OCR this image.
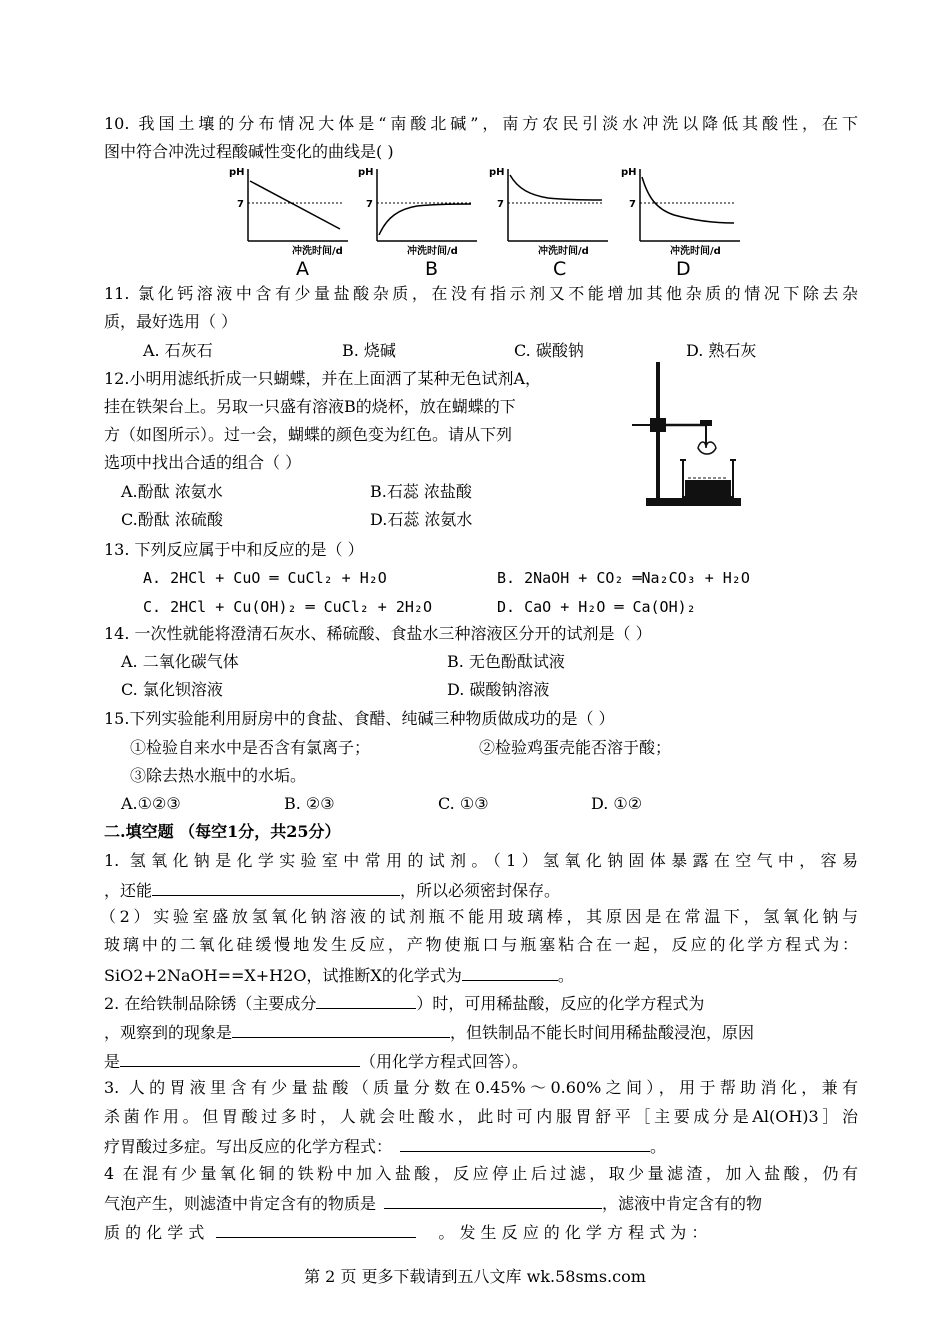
10. 我国土壤的分布情况大体是“南酸北碱”，南方农民引淡水冲洗以降低其酸性，在下
图中符合冲洗过程酸碱性变化的曲线是( )
pH
7
冲洗时间/d
A
pH
7
冲洗时间/d
B
pH
7
冲洗时间/d
C
pH
7
冲洗时间/d
D
11. 氯化钙溶液中含有少量盐酸杂质，在没有指示剂又不能增加其他杂质的情况下除去杂
质，最好选用（ ）
A. 石灰石	B. 烧碱	C. 碳酸钠	D. 熟石灰
12.小明用滤纸折成一只蝴蝶，并在上面洒了某种无色试剂A，
挂在铁架台上。另取一只盛有溶液B的烧杯，放在蝴蝶的下
方（如图所示）。过一会，蝴蝶的颜色变为红色。请从下列
选项中找出合适的组合（ ）
A.酚酞 浓氨水	B.石蕊 浓盐酸
C.酚酞 浓硫酸	D.石蕊 浓氨水
13. 下列反应属于中和反应的是（ ）
A. 2HCl + CuO ═ CuCl₂ + H₂O	B. 2NaOH + CO₂ ═Na₂CO₃ + H₂O
C. 2HCl + Cu(OH)₂ ═ CuCl₂ + 2H₂O	D. CaO + H₂O ═ Ca(OH)₂
14. 一次性就能将澄清石灰水、稀硫酸、食盐水三种溶液区分开的试剂是（ ）
A. 二氧化碳气体	B. 无色酚酞试液
C. 氯化钡溶液	D. 碳酸钠溶液
15.下列实验能利用厨房中的食盐、食醋、纯碱三种物质做成功的是（ ）
①检验自来水中是否含有氯离子；	②检验鸡蛋壳能否溶于酸；
③除去热水瓶中的水垢。
A.①②③	B. ②③	C. ①③	D. ①②
二.填空题 （每空1分，共25分）
1. 氢氧化钠是化学实验室中常用的试剂。（1）氢氧化钠固体暴露在空气中，容易
，还能	，所以必须密封保存。
（2）实验室盛放氢氧化钠溶液的试剂瓶不能用玻璃棒，其原因是在常温下，氢氧化钠与
玻璃中的二氧化硅缓慢地发生反应，产物使瓶口与瓶塞粘合在一起，反应的化学方程式为：
SiO2+2NaOH==X+H2O，试推断X的化学式为	。
2. 在给铁制品除锈（主要成分	）时，可用稀盐酸，反应的化学方程式为
，观察到的现象是	，但铁制品不能长时间用稀盐酸浸泡，原因
是	（用化学方程式回答）。
3. 人的胃液里含有少量盐酸（质量分数在0.45%～0.60%之间），用于帮助消化，兼有
杀菌作用。但胃酸过多时，人就会吐酸水，此时可内服胃舒平［主要成分是Al(OH)3］治
疗胃酸过多症。写出反应的化学方程式：	。
4 在混有少量氧化铜的铁粉中加入盐酸，反应停止后过滤，取少量滤渣，加入盐酸，仍有
气泡产生，则滤渣中肯定含有的物质是	，滤液中肯定含有的物
质 的 化 学 式	。 发 生 反 应 的 化 学 方 程 式 为 ：
第 2 页 更多下载请到五八文库 wk.58sms.com
